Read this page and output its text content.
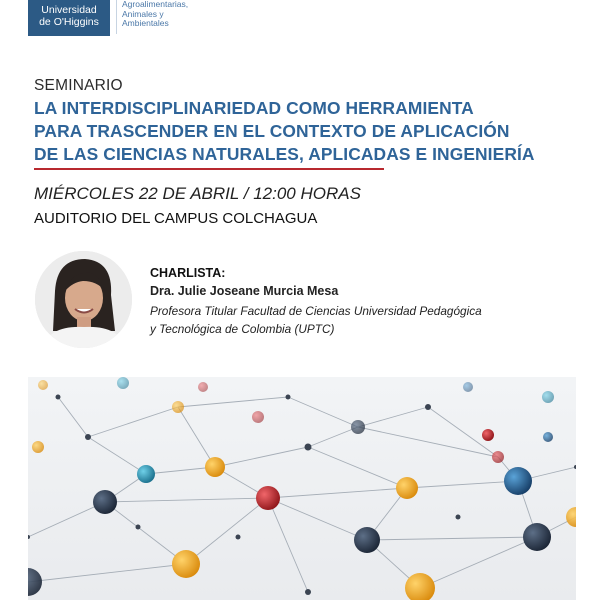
Universidad
de O'Higgins
Agroalimentarias,
Animales y
Ambientales
SEMINARIO
LA INTERDISCIPLINARIEDAD COMO HERRAMIENTA
PARA TRASCENDER EN EL CONTEXTO DE APLICACIÓN
DE LAS CIENCIAS NATURALES, APLICADAS E INGENIERÍA
MIÉRCOLES 22 DE ABRIL / 12:00 HORAS
AUDITORIO DEL CAMPUS COLCHAGUA
CHARLISTA:
Dra. Julie Joseane Murcia Mesa
Profesora Titular Facultad de Ciencias Universidad Pedagógica
y Tecnológica de Colombia (UPTC)
